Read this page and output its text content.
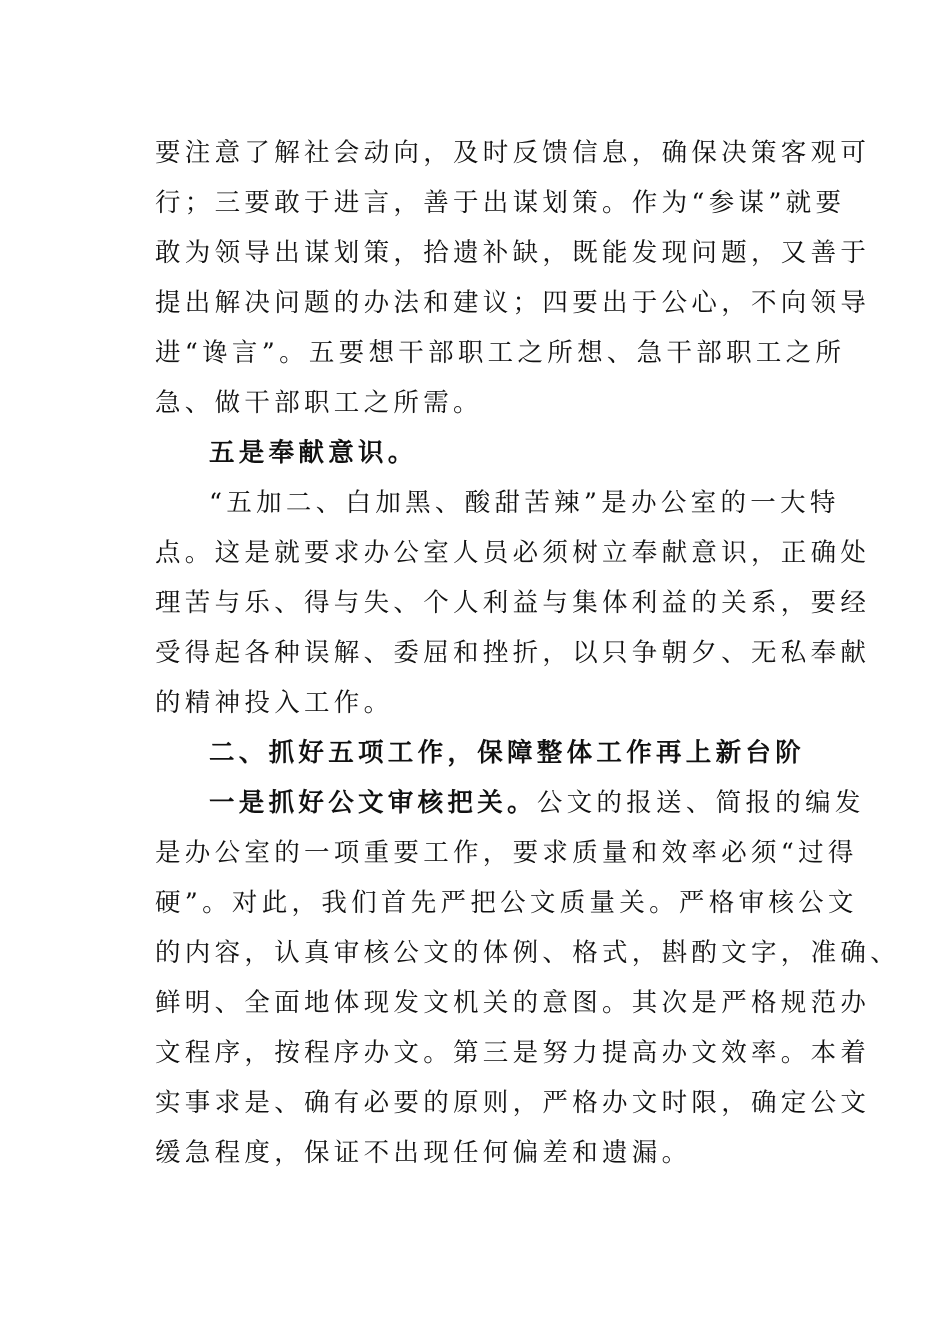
要注意了解社会动向，及时反馈信息，确保决策客观可
行；三要敢于进言，善于出谋划策。作为“参谋”就要
敢为领导出谋划策，拾遗补缺，既能发现问题，又善于
提出解决问题的办法和建议；四要出于公心，不向领导
进“谗言”。五要想干部职工之所想、急干部职工之所
急、做干部职工之所需。
五是奉献意识。
“五加二、白加黑、酸甜苦辣”是办公室的一大特
点。这是就要求办公室人员必须树立奉献意识，正确处
理苦与乐、得与失、个人利益与集体利益的关系，要经
受得起各种误解、委屈和挫折，以只争朝夕、无私奉献
的精神投入工作。
二、抓好五项工作，保障整体工作再上新台阶
一是抓好公文审核把关。公文的报送、简报的编发
是办公室的一项重要工作，要求质量和效率必须“过得
硬”。对此，我们首先严把公文质量关。严格审核公文
的内容，认真审核公文的体例、格式，斟酌文字，准确、
鲜明、全面地体现发文机关的意图。其次是严格规范办
文程序，按程序办文。第三是努力提高办文效率。本着
实事求是、确有必要的原则，严格办文时限，确定公文
缓急程度，保证不出现任何偏差和遗漏。
